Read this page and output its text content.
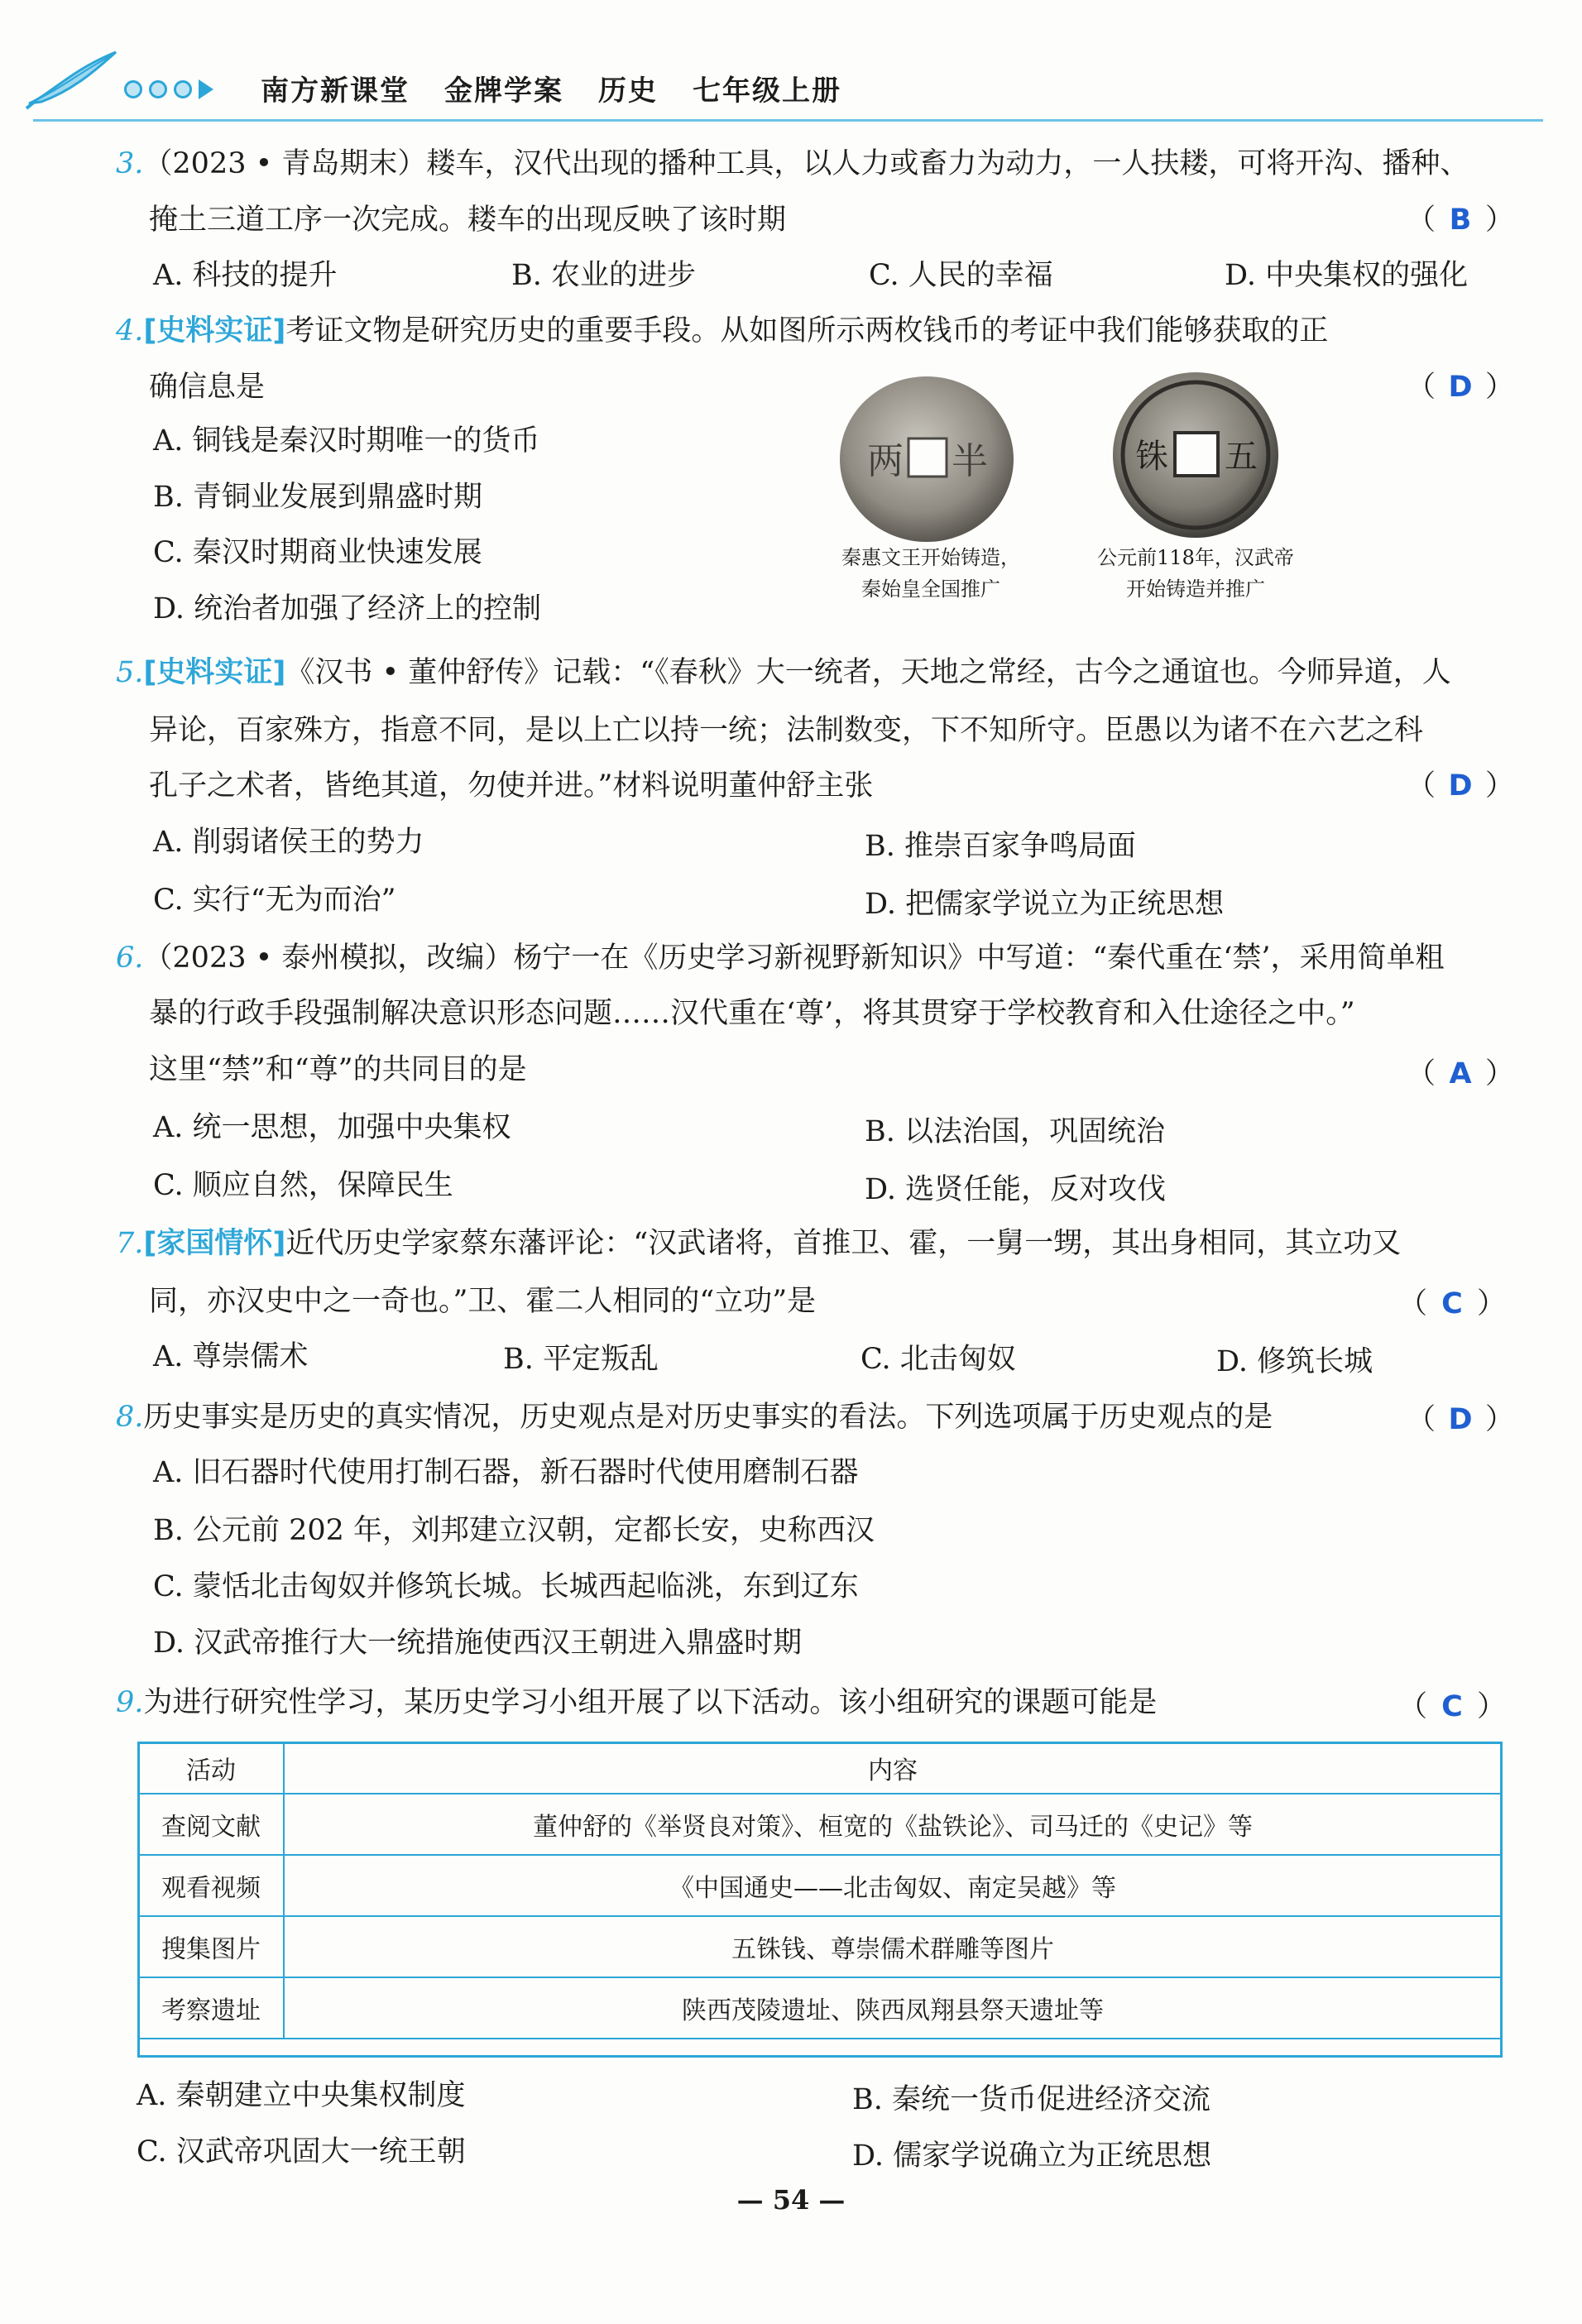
南方新课堂 金牌学案 历史 七年级上册
3.（2023 • 青岛期末）耧车，汉代出现的播种工具，以人力或畜力为动力，一人扶耧，可将开沟、播种、
掩土三道工序一次完成。耧车的出现反映了该时期	（ B ）
A. 科技的提升	B. 农业的进步	C. 人民的幸福	D. 中央集权的强化
4.[史料实证]考证文物是研究历史的重要手段。从如图所示两枚钱币的考证中我们能够获取的正
确信息是	（ D ）
A. 铜钱是秦汉时期唯一的货币
B. 青铜业发展到鼎盛时期
C. 秦汉时期商业快速发展
D. 统治者加强了经济上的控制
两 半	五
铢
秦惠文王开始铸造，
秦始皇全国推广
公元前118年，汉武帝
开始铸造并推广
5.[史料实证]《汉书 • 董仲舒传》记载：“《春秋》大一统者，天地之常经，古今之通谊也。今师异道，人
异论，百家殊方，指意不同，是以上亡以持一统；法制数变，下不知所守。臣愚以为诸不在六艺之科
孔子之术者，皆绝其道，勿使并进。”材料说明董仲舒主张	（ D ）
A. 削弱诸侯王的势力	B. 推崇百家争鸣局面
C. 实行“无为而治”	D. 把儒家学说立为正统思想
6.（2023 • 泰州模拟，改编）杨宁一在《历史学习新视野新知识》中写道：“秦代重在‘禁’，采用简单粗
暴的行政手段强制解决意识形态问题……汉代重在‘尊’，将其贯穿于学校教育和入仕途径之中。”
这里“禁”和“尊”的共同目的是	（ A ）
A. 统一思想，加强中央集权	B. 以法治国，巩固统治
C. 顺应自然，保障民生	D. 选贤任能，反对攻伐
7.[家国情怀]近代历史学家蔡东藩评论：“汉武诸将，首推卫、霍，一舅一甥，其出身相同，其立功又
同，亦汉史中之一奇也。”卫、霍二人相同的“立功”是	（ C ）
A. 尊崇儒术	B. 平定叛乱	C. 北击匈奴	D. 修筑长城
8.历史事实是历史的真实情况，历史观点是对历史事实的看法。下列选项属于历史观点的是	（ D ）
A. 旧石器时代使用打制石器，新石器时代使用磨制石器
B. 公元前 202 年，刘邦建立汉朝，定都长安，史称西汉
C. 蒙恬北击匈奴并修筑长城。长城西起临洮，东到辽东
D. 汉武帝推行大一统措施使西汉王朝进入鼎盛时期
9.为进行研究性学习，某历史学习小组开展了以下活动。该小组研究的课题可能是	（ C ）
活动	内容
查阅文献	董仲舒的《举贤良对策》、桓宽的《盐铁论》、司马迁的《史记》等
观看视频	《中国通史——北击匈奴、南定吴越》等
搜集图片	五铢钱、尊崇儒术群雕等图片
考察遗址	陕西茂陵遗址、陕西凤翔县祭天遗址等
A. 秦朝建立中央集权制度	B. 秦统一货币促进经济交流
C. 汉武帝巩固大一统王朝	D. 儒家学说确立为正统思想
— 54 —
